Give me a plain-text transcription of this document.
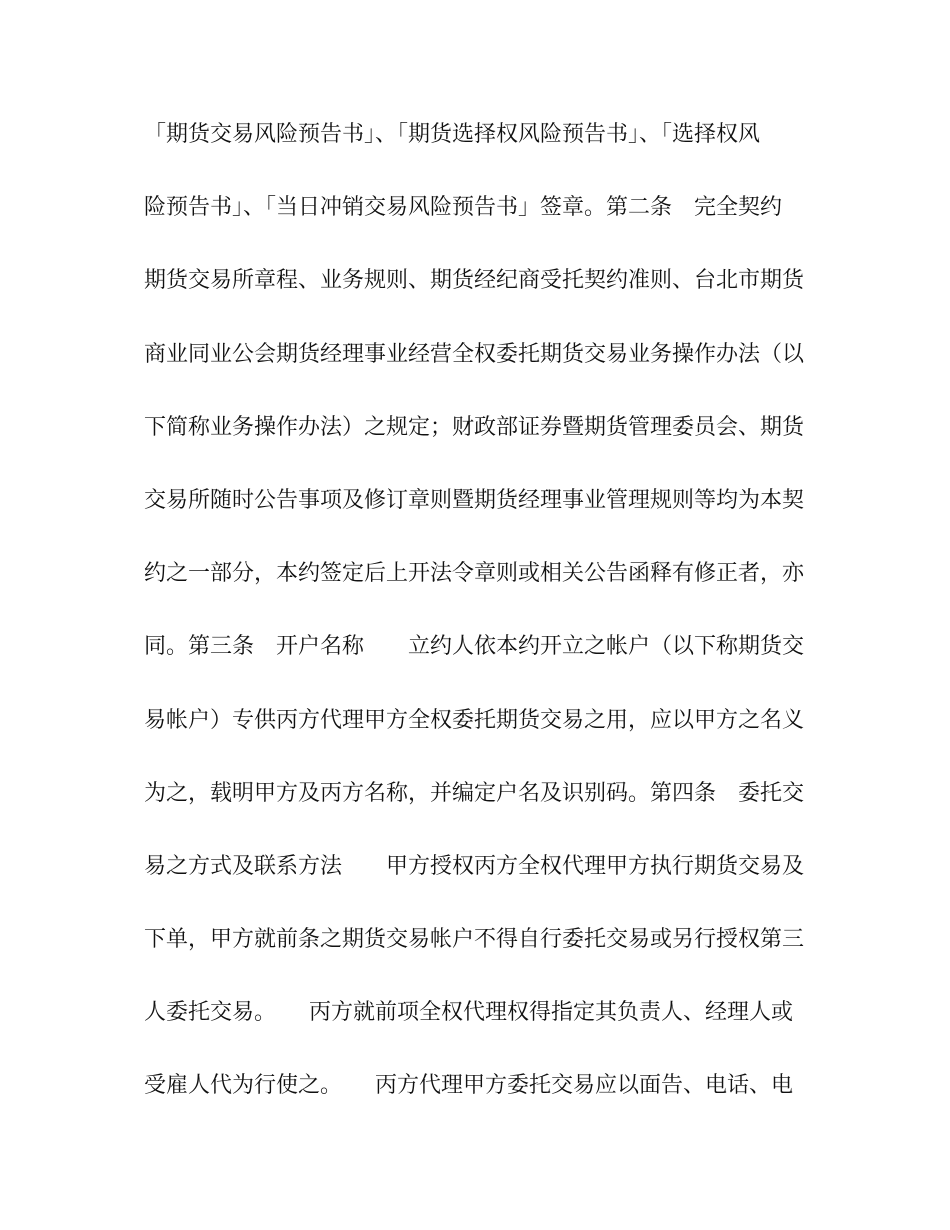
「期货交易风险预告书」、「期货选择权风险预告书」、「选择权风
险预告书」、「当日冲销交易风险预告书」签章。第二条　完全契约
期货交易所章程、业务规则、期货经纪商受托契约准则、台北市期货
商业同业公会期货经理事业经营全权委托期货交易业务操作办法（以
下简称业务操作办法）之规定；财政部证券暨期货管理委员会、期货
交易所随时公告事项及修订章则暨期货经理事业管理规则等均为本契
约之一部分，本约签定后上开法令章则或相关公告函释有修正者，亦
同。第三条　开户名称　　立约人依本约开立之帐户（以下称期货交
易帐户）专供丙方代理甲方全权委托期货交易之用，应以甲方之名义
为之，载明甲方及丙方名称，并编定户名及识别码。第四条　委托交
易之方式及联系方法　　甲方授权丙方全权代理甲方执行期货交易及
下单，甲方就前条之期货交易帐户不得自行委托交易或另行授权第三
人委托交易。　　丙方就前项全权代理权得指定其负责人、经理人或
受雇人代为行使之。　　丙方代理甲方委托交易应以面告、电话、电
